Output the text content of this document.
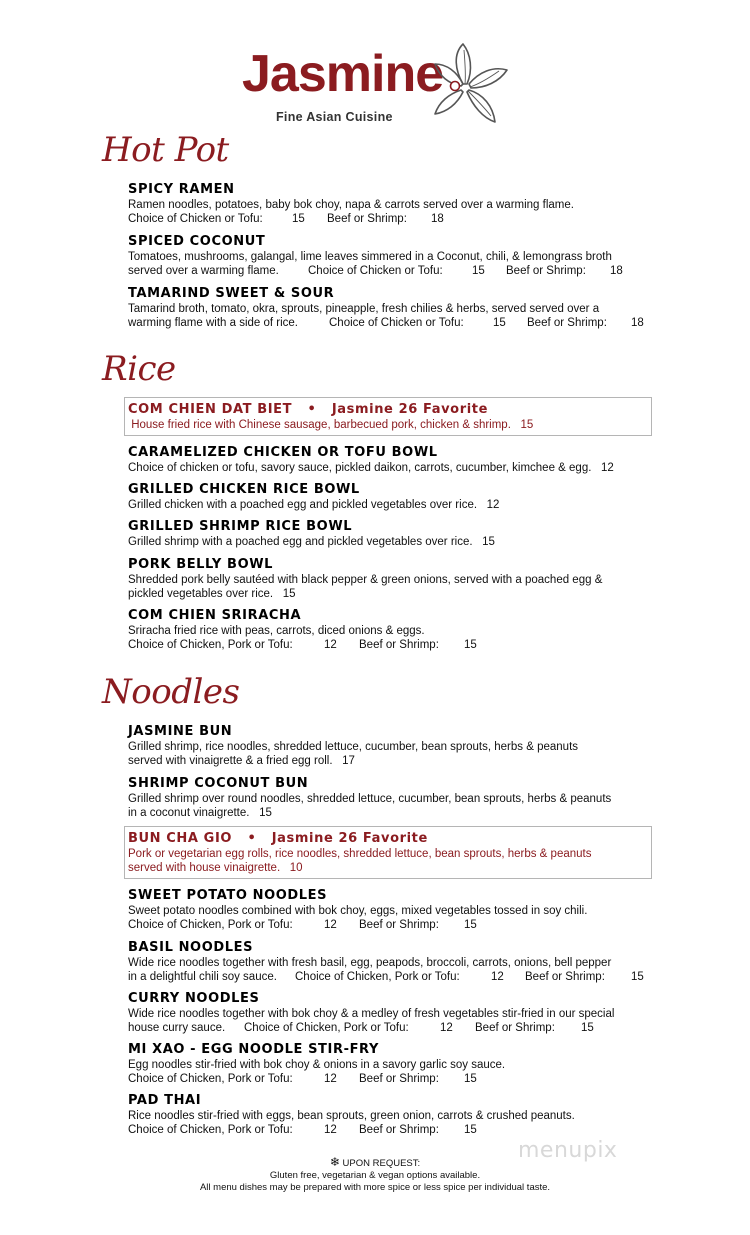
Jasmine
Fine Asian Cuisine
Hot Pot
SPICY RAMEN
Ramen noodles, potatoes, baby bok choy, napa & carrots served over a warming flame.
Choice of Chicken or Tofu:	15 Beef or Shrimp: 18
SPICED COCONUT
Tomatoes, mushrooms, galangal, lime leaves simmered in a Coconut, chili, & lemongrass broth
served over a warming flame.	Choice of Chicken or Tofu:	15 Beef or Shrimp: 18
TAMARIND SWEET & SOUR
Tamarind broth, tomato, okra, sprouts, pineapple, fresh chilies & herbs, served served over a
warming flame with a side of rice.	Choice of Chicken or Tofu:	15 Beef or Shrimp: 18
Rice
COM CHIEN DAT BIET • Jasmine 26 Favorite
House fried rice with Chinese sausage, barbecued pork, chicken & shrimp. 15
CARAMELIZED CHICKEN OR TOFU BOWL
Choice of chicken or tofu, savory sauce, pickled daikon, carrots, cucumber, kimchee & egg. 12
GRILLED CHICKEN RICE BOWL
Grilled chicken with a poached egg and pickled vegetables over rice. 12
GRILLED SHRIMP RICE BOWL
Grilled shrimp with a poached egg and pickled vegetables over rice. 15
PORK BELLY BOWL
Shredded pork belly sautéed with black pepper & green onions, served with a poached egg &
pickled vegetables over rice. 15
COM CHIEN SRIRACHA
Sriracha fried rice with peas, carrots, diced onions & eggs.
Choice of Chicken, Pork or Tofu:	12 Beef or Shrimp: 15
Noodles
JASMINE BUN
Grilled shrimp, rice noodles, shredded lettuce, cucumber, bean sprouts, herbs & peanuts
served with vinaigrette & a fried egg roll. 17
SHRIMP COCONUT BUN
Grilled shrimp over round noodles, shredded lettuce, cucumber, bean sprouts, herbs & peanuts
in a coconut vinaigrette. 15
BUN CHA GIO • Jasmine 26 Favorite
Pork or vegetarian egg rolls, rice noodles, shredded lettuce, bean sprouts, herbs & peanuts
served with house vinaigrette. 10
SWEET POTATO NOODLES
Sweet potato noodles combined with bok choy, eggs, mixed vegetables tossed in soy chili.
Choice of Chicken, Pork or Tofu:	12 Beef or Shrimp: 15
BASIL NOODLES
Wide rice noodles together with fresh basil, egg, peapods, broccoli, carrots, onions, bell pepper
in a delightful chili soy sauce. Choice of Chicken, Pork or Tofu:	12 Beef or Shrimp: 15
CURRY NOODLES
Wide rice noodles together with bok choy & a medley of fresh vegetables stir-fried in our special
house curry sauce. Choice of Chicken, Pork or Tofu:	12 Beef or Shrimp: 15
MI XAO - EGG NOODLE STIR-FRY
Egg noodles stir-fried with bok choy & onions in a savory garlic soy sauce.
Choice of Chicken, Pork or Tofu:	12 Beef or Shrimp: 15
PAD THAI
Rice noodles stir-fried with eggs, bean sprouts, green onion, carrots & crushed peanuts.
Choice of Chicken, Pork or Tofu:	12 Beef or Shrimp: 15
❄ UPON REQUEST:
Gluten free, vegetarian & vegan options available.
All menu dishes may be prepared with more spice or less spice per individual taste.
menupix
